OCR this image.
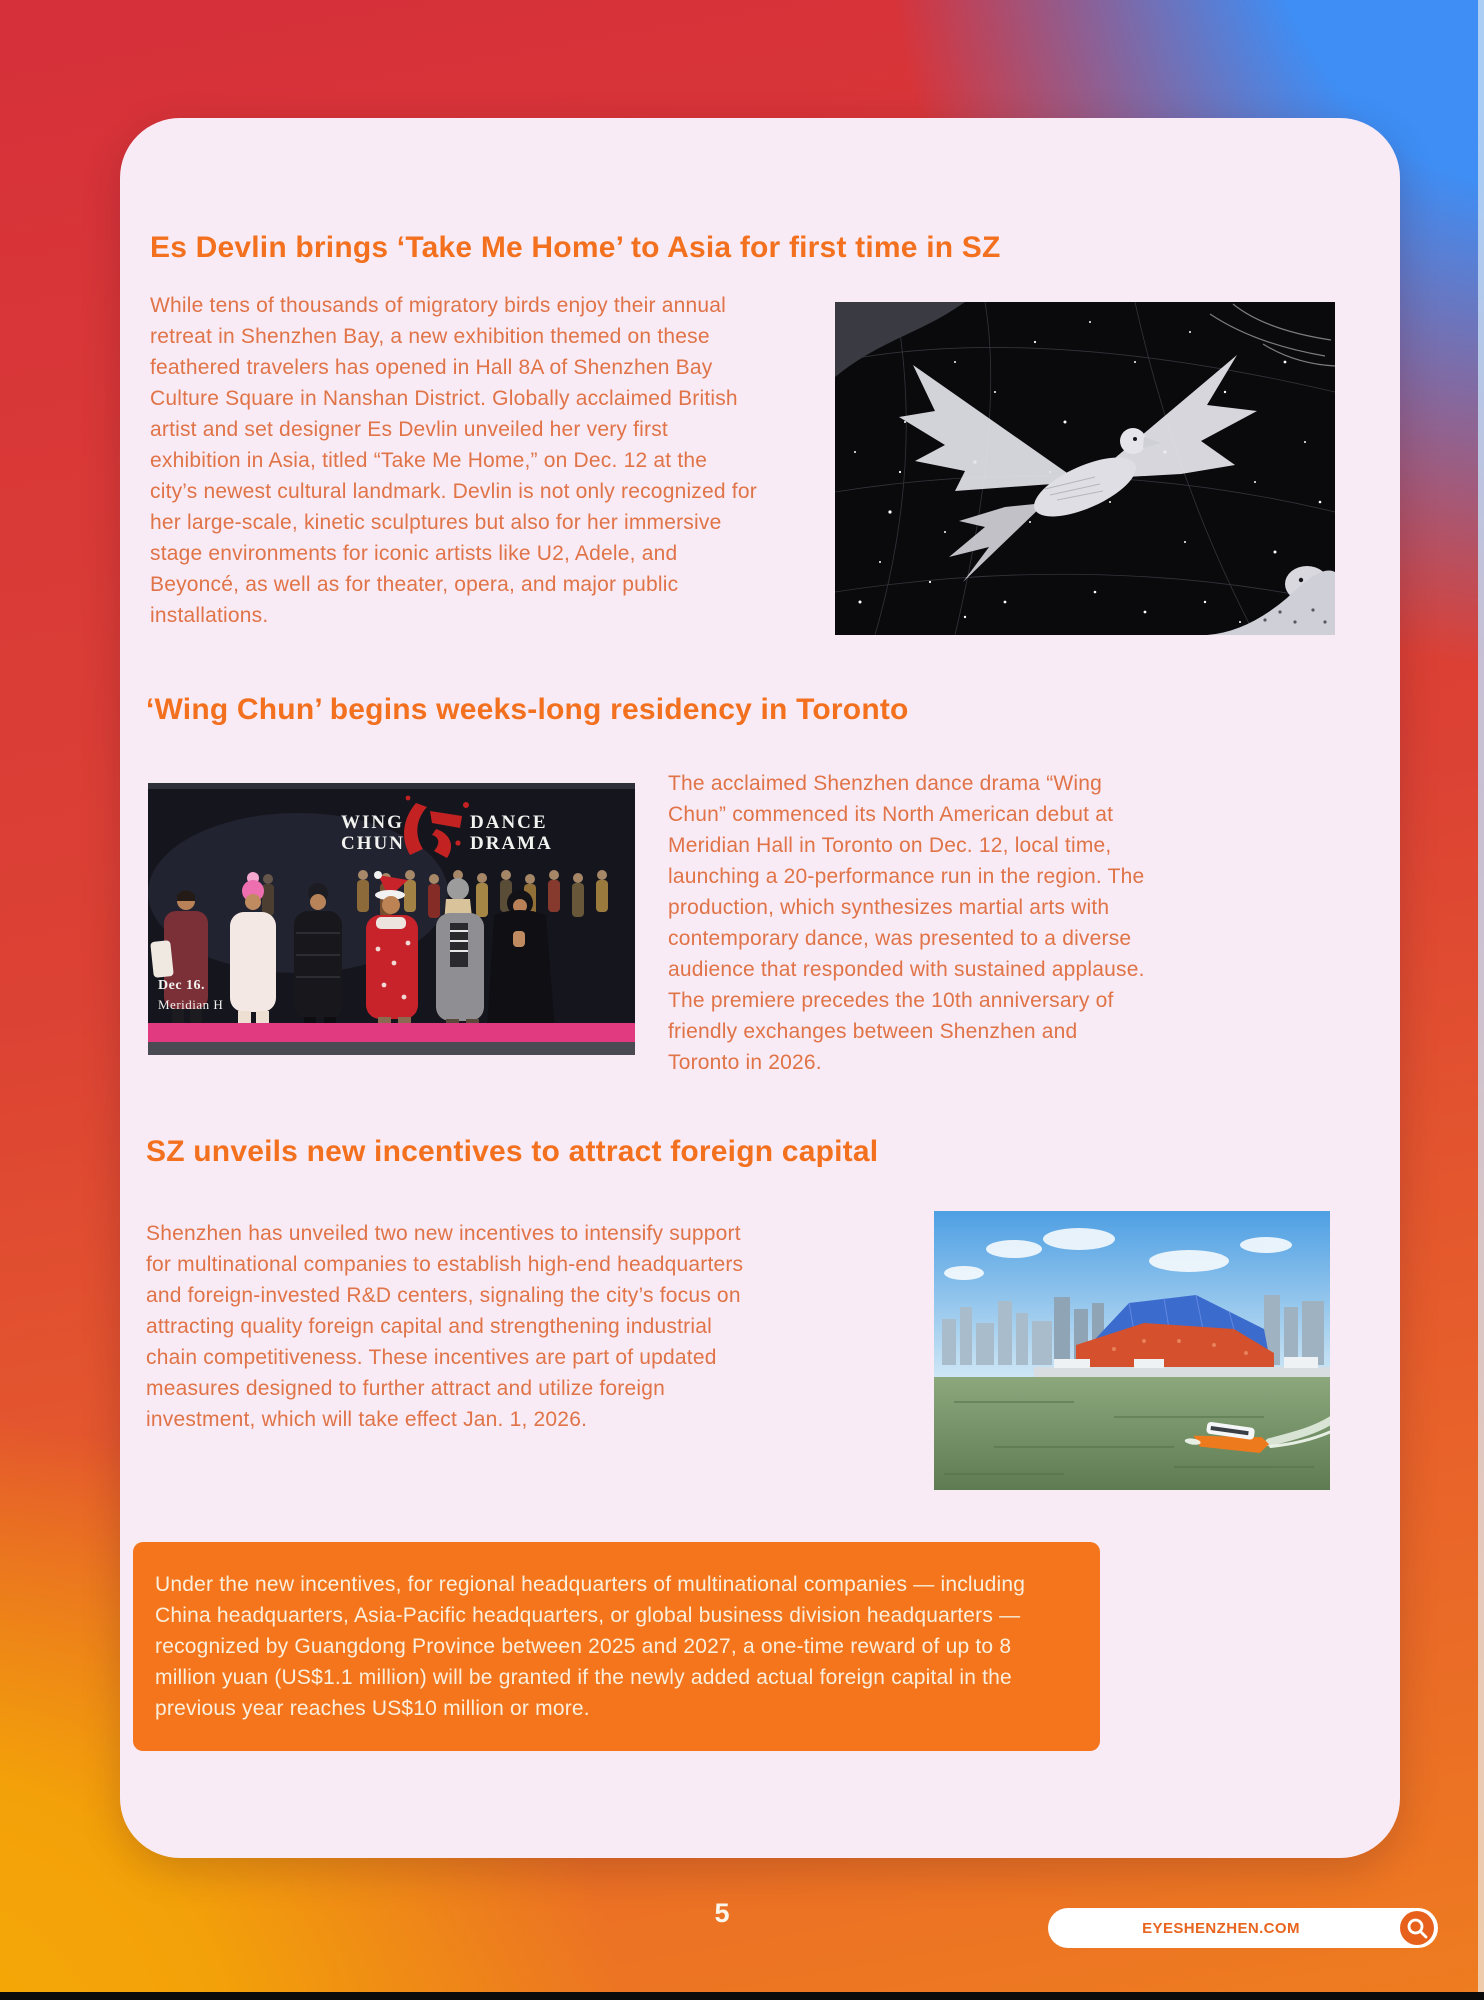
Es Devlin brings ‘Take Me Home’ to Asia for first time in SZ

While tens of thousands of migratory birds enjoy their annual retreat in Shenzhen Bay, a new exhibition themed on these feathered travelers has opened in Hall 8A of Shenzhen Bay Culture Square in Nanshan District. Globally acclaimed British artist and set designer Es Devlin unveiled her very first exhibition in Asia, titled “Take Me Home,” on Dec. 12 at the city’s newest cultural landmark. Devlin is not only recognized for her large-scale, kinetic sculptures but also for her immersive stage environments for iconic artists like U2, Adele, and Beyoncé, as well as for theater, opera, and major public installations.

‘Wing Chun’ begins weeks-long residency in Toronto
WING
CHUN
DANCE
DRAMA
Dec 16.
Meridian H

The acclaimed Shenzhen dance drama “Wing Chun” commenced its North American debut at Meridian Hall in Toronto on Dec. 12, local time, launching a 20-performance run in the region. The production, which synthesizes martial arts with contemporary dance, was presented to a diverse audience that responded with sustained applause. The premiere precedes the 10th anniversary of friendly exchanges between Shenzhen and Toronto in 2026.

SZ unveils new incentives to attract foreign capital

Shenzhen has unveiled two new incentives to intensify support for multinational companies to establish high-end headquarters and foreign-invested R&D centers, signaling the city’s focus on attracting quality foreign capital and strengthening industrial chain competitiveness. These incentives are part of updated measures designed to further attract and utilize foreign investment, which will take effect Jan. 1, 2026.

Under the new incentives, for regional headquarters of multinational companies — including China headquarters, Asia-Pacific headquarters, or global business division headquarters — recognized by Guangdong Province between 2025 and 2027, a one-time reward of up to 8 million yuan (US$1.1 million) will be granted if the newly added actual foreign capital in the previous year reaches US$10 million or more.

5	EYESHENZHEN.COM
